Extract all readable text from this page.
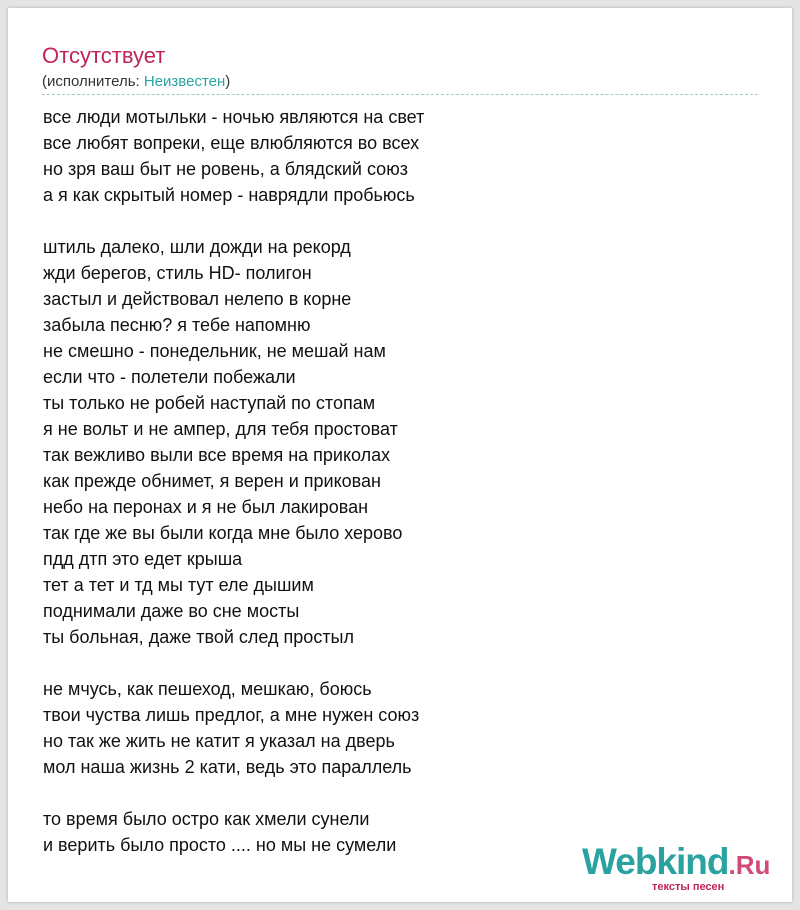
Отсутствует
(исполнитель: Неизвестен)
все люди мотыльки - ночью являются на свет
все любят вопреки, еще влюбляются во всех
но зря ваш быт не ровень, а блядский союз
а я как скрытый номер - наврядли пробьюсь
штиль далеко, шли дожди на рекорд
жди берегов, стиль HD- полигон
застыл и действовал нелепо в корне
забыла песню? я тебе напомню
не смешно - понедельник, не мешай нам
если что - полетели побежали
ты только не робей наступай по стопам
я не вольт и не ампер, для тебя простоват
так вежливо выли все время на приколах
как прежде обнимет, я верен и прикован
небо на перонах и я не был лакирован
так где же вы были когда мне было херово
пдд дтп это едет крыша
тет а тет и тд мы тут еле дышим
поднимали даже во сне мосты
ты больная, даже твой след простыл
не мчусь, как пешеход, мешкаю, боюсь
твои чуства лишь предлог, а мне нужен союз
но так же жить не катит я указал на дверь
мол наша жизнь 2 кати, ведь это параллель
то время было остро как хмели сунели
и верить было просто .... но мы не сумели	Webkind.Ru
тексты песен
